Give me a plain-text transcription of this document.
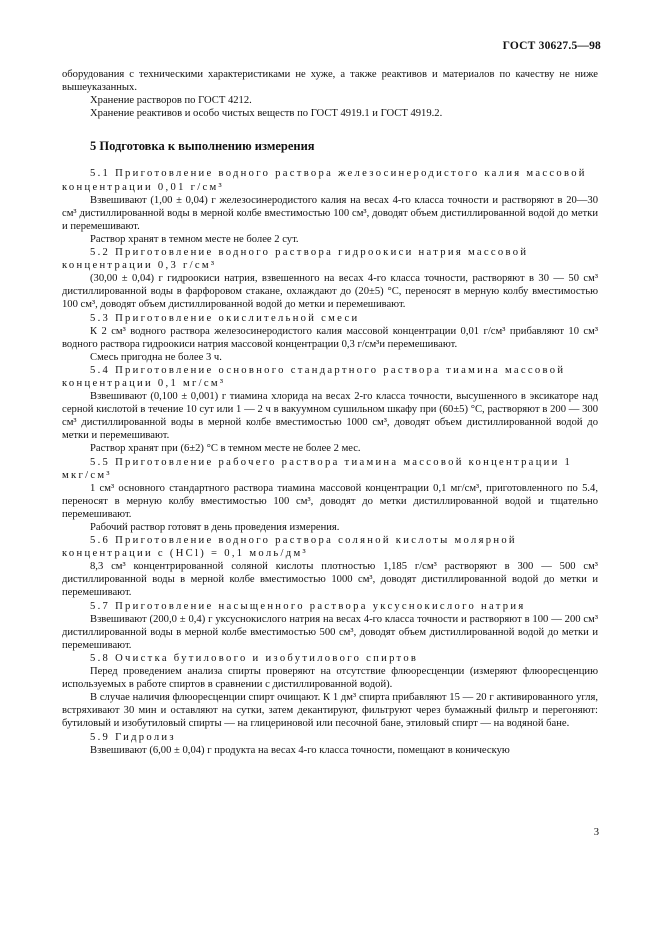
ГОСТ 30627.5—98

оборудования с техническими характеристиками не хуже, а также реактивов и материалов по качеству не ниже вышеуказанных.

Хранение растворов по ГОСТ 4212.

Хранение реактивов и особо чистых веществ по ГОСТ 4919.1 и ГОСТ 4919.2.

5 Подготовка к выполнению измерения

5.1 Приготовление водного раствора железосинеродистого калия массовой концентрации 0,01 г/см³

Взвешивают (1,00 ± 0,04) г железосинеродистого калия на весах 4-го класса точности и растворяют в 20—30 см³ дистиллированной воды в мерной колбе вместимостью 100 см³, доводят объем дистиллированной водой до метки и перемешивают.

Раствор хранят в темном месте не более 2 сут.

5.2 Приготовление водного раствора гидроокиси натрия массовой концентрации 0,3 г/см³

(30,00 ± 0,04) г гидроокиси натрия, взвешенного на весах 4-го класса точности, растворяют в 30 — 50 см³ дистиллированной воды в фарфоровом стакане, охлаждают до (20±5) °С, переносят в мерную колбу вместимостью 100 см³, доводят объем дистиллированной водой до метки и перемешивают.

5.3 Приготовление окислительной смеси

К 2 см³ водного раствора железосинеродистого калия массовой концентрации 0,01 г/см³ прибавляют 10 см³ водного раствора гидроокиси натрия массовой концентрации 0,3 г/см³и перемешивают.

Смесь пригодна не более 3 ч.

5.4 Приготовление основного стандартного раствора тиамина массовой концентрации 0,1 мг/см³

Взвешивают (0,100 ± 0,001) г тиамина хлорида на весах 2-го класса точности, высушенного в эксикаторе над серной кислотой в течение 10 сут или 1 — 2 ч в вакуумном сушильном шкафу при (60±5) °С, растворяют в 200 — 300 см³ дистиллированной воды в мерной колбе вместимостью 1000 см³, доводят объем дистиллированной водой до метки и перемешивают.

Раствор хранят при (6±2) °С в темном месте не более 2 мес.

5.5 Приготовление рабочего раствора тиамина массовой концентрации 1 мкг/см³

1 см³ основного стандартного раствора тиамина массовой концентрации 0,1 мг/см³, приготовленного по 5.4, переносят в мерную колбу вместимостью 100 см³, доводят до метки дистиллированной водой и тщательно перемешивают.

Рабочий раствор готовят в день проведения измерения.

5.6 Приготовление водного раствора соляной кислоты молярной концентрации c (HCl) = 0,1 моль/дм³

8,3 см³ концентрированной соляной кислоты плотностью 1,185 г/см³ растворяют в 300 — 500 см³ дистиллированной воды в мерной колбе вместимостью 1000 см³, доводят дистиллированной водой до метки и перемешивают.

5.7 Приготовление насыщенного раствора уксуснокислого натрия

Взвешивают (200,0 ± 0,4) г уксуснокислого натрия на весах 4-го класса точности и растворяют в 100 — 200 см³ дистиллированной воды в мерной колбе вместимостью 500 см³, доводят объем дистиллированной водой до метки и перемешивают.

5.8 Очистка бутилового и изобутилового спиртов

Перед проведением анализа спирты проверяют на отсутствие флюоресценции (измеряют флюоресценцию используемых в работе спиртов в сравнении с дистиллированной водой).

В случае наличия флюоресценции спирт очищают. К 1 дм³ спирта прибавляют 15 — 20 г активированного угля, встряхивают 30 мин и оставляют на сутки, затем декантируют, фильтруют через бумажный фильтр и перегоняют: бутиловый и изобутиловый спирты — на глицериновой или песочной бане, этиловый спирт — на водяной бане.

5.9 Гидролиз

Взвешивают (6,00 ± 0,04) г продукта на весах 4-го класса точности, помещают в коническую

3
